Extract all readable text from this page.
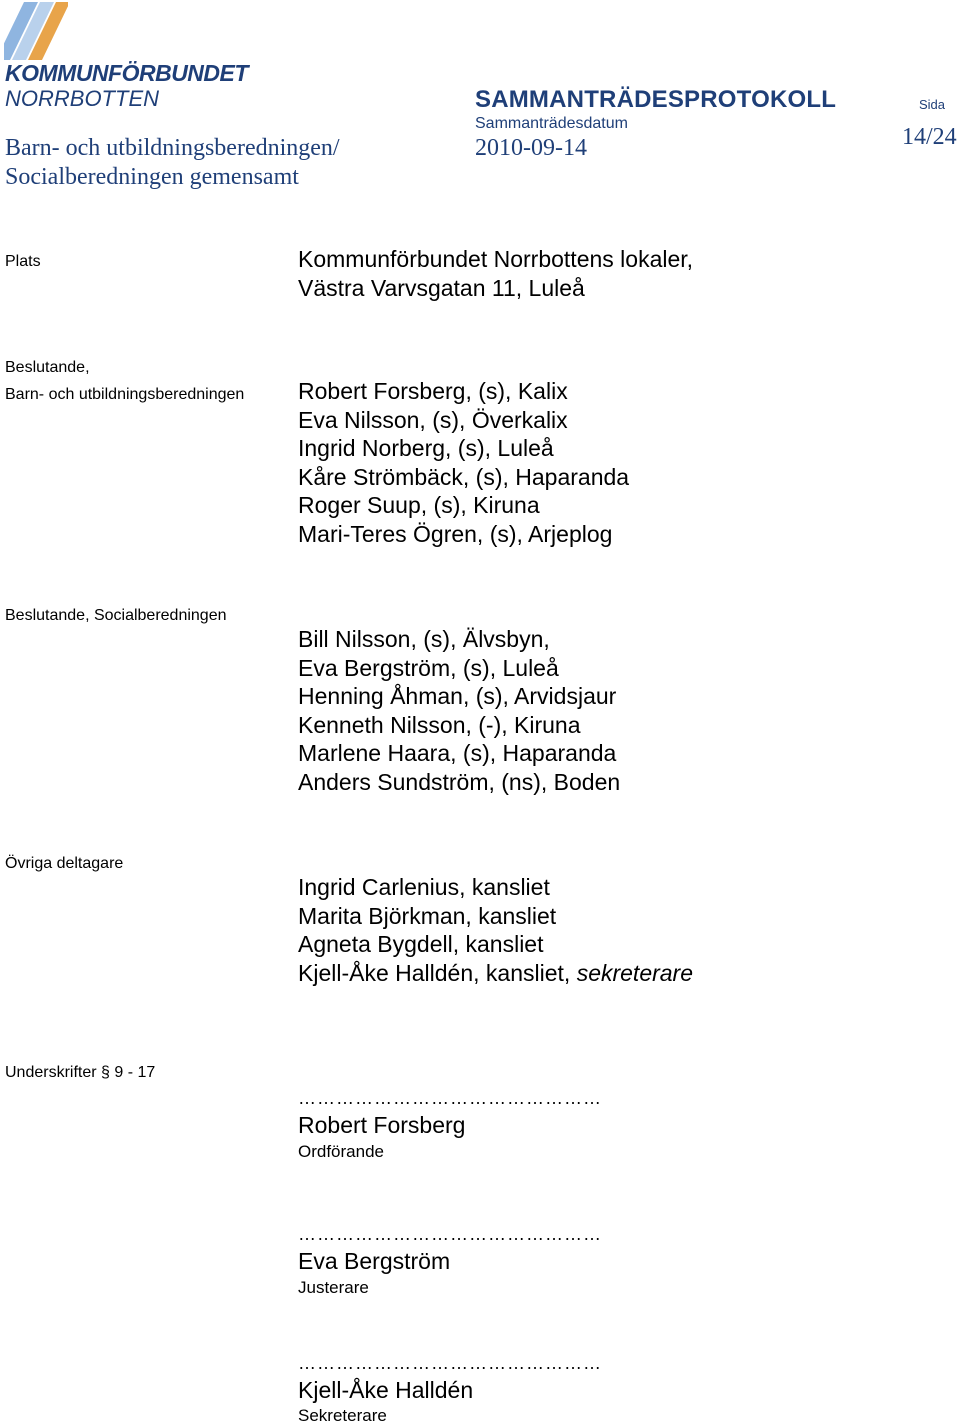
KOMMUNFÖRBUNDET
NORRBOTTEN	SAMMANTRÄDESPROTOKOLL
Sammanträdesdatum
2010-09-14
Sida
14/24
Barn- och utbildningsberedningen/
Socialberedningen gemensamt
Plats	Kommunförbundet Norrbottens lokaler,
Västra Varvsgatan 11, Luleå
Beslutande,
Barn- och utbildningsberedningen Robert Forsberg, (s), Kalix
Eva Nilsson, (s), Överkalix
Ingrid Norberg, (s), Luleå
Kåre Strömbäck, (s), Haparanda
Roger Suup, (s), Kiruna
Mari-Teres Ögren, (s), Arjeplog
Beslutande, Socialberedningen
Bill Nilsson, (s), Älvsbyn,
Eva Bergström, (s), Luleå
Henning Åhman, (s), Arvidsjaur
Kenneth Nilsson, (-), Kiruna
Marlene Haara, (s), Haparanda
Anders Sundström, (ns), Boden
Övriga deltagare
Ingrid Carlenius, kansliet
Marita Björkman, kansliet
Agneta Bygdell, kansliet
Kjell-Åke Halldén, kansliet, sekreterare
Underskrifter § 9 - 17
…………………………………………
Robert Forsberg
Ordförande
…………………………………………
Eva Bergström
Justerare
…………………………………………
Kjell-Åke Halldén
Sekreterare
